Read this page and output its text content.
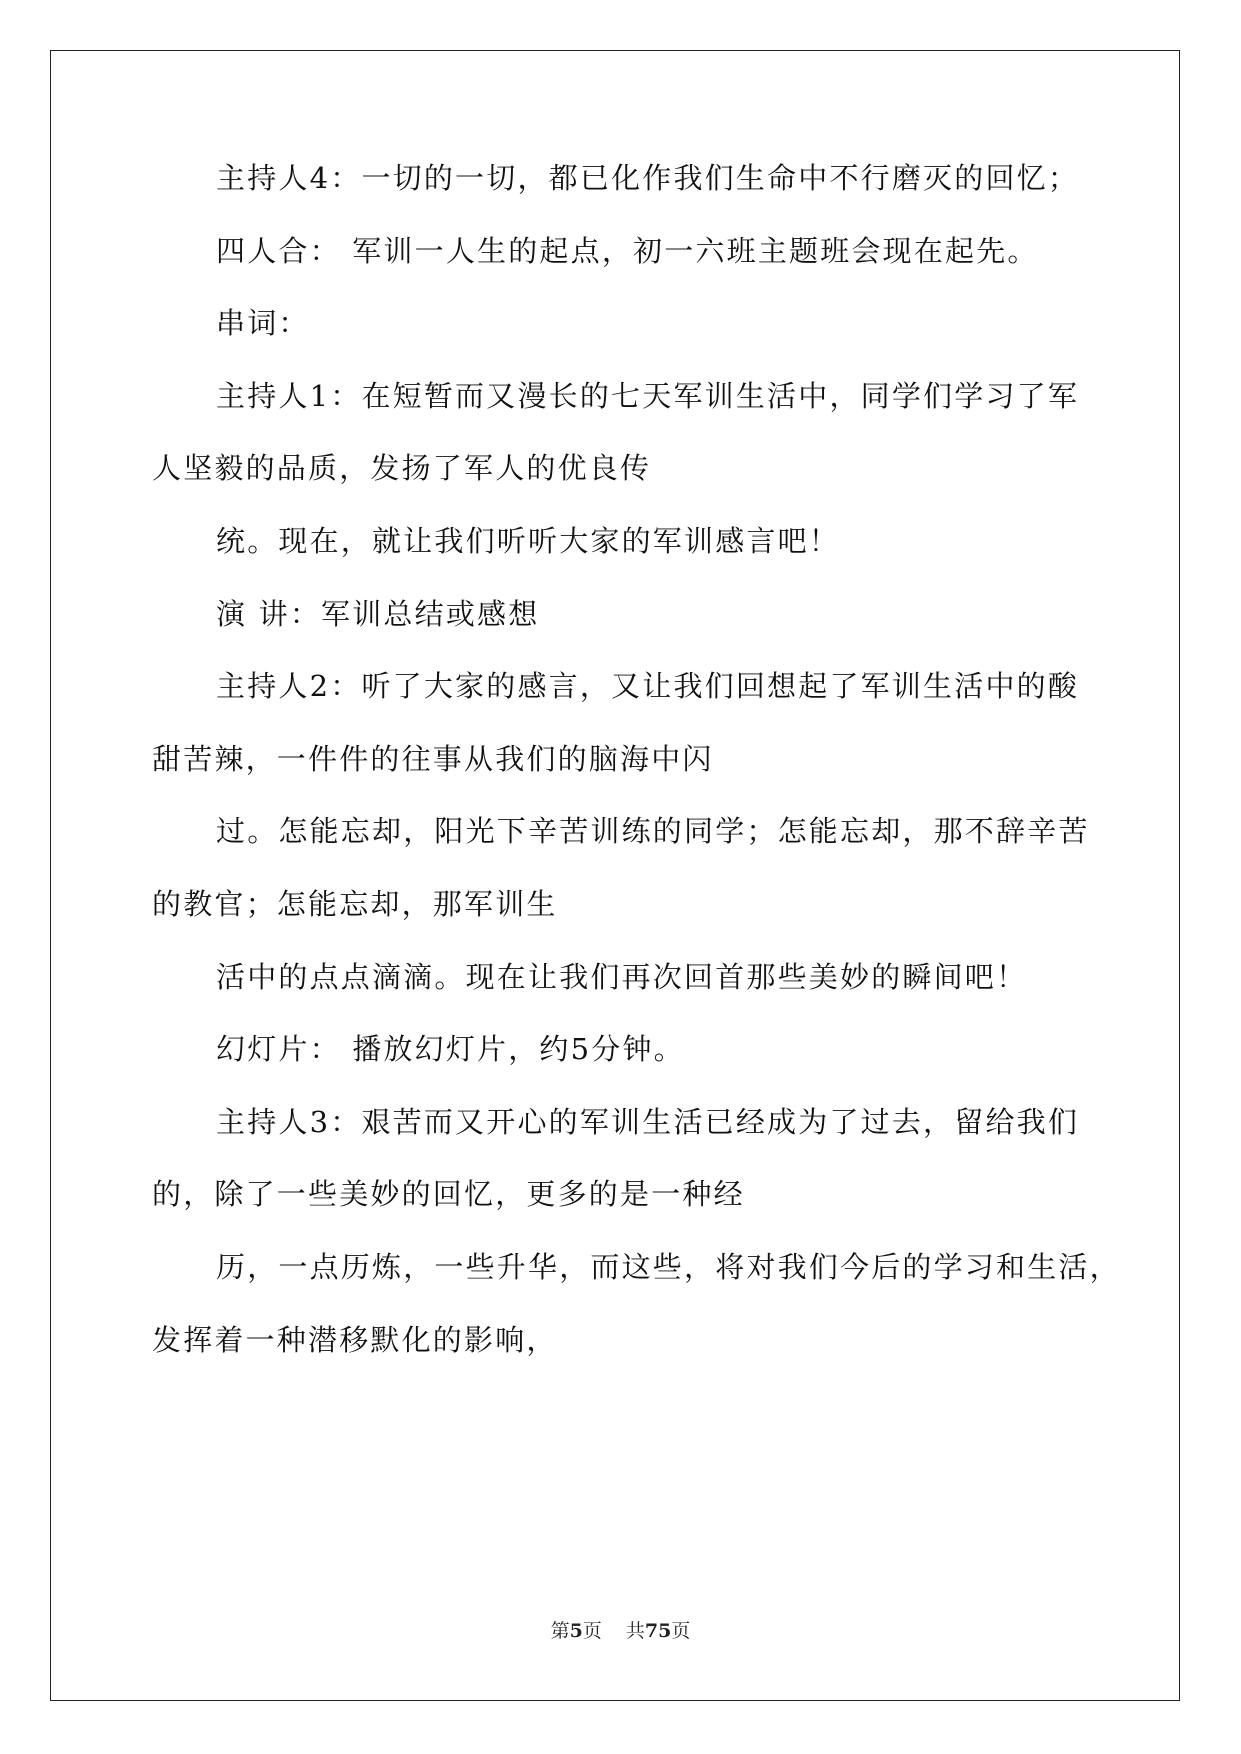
主持人4：一切的一切，都已化作我们生命中不行磨灭的回忆；
四人合： 军训一人生的起点，初一六班主题班会现在起先。
串词：
主持人1：在短暂而又漫长的七天军训生活中，同学们学习了军
人坚毅的品质，发扬了军人的优良传
统。现在，就让我们听听大家的军训感言吧！
演 讲：军训总结或感想
主持人2：听了大家的感言，又让我们回想起了军训生活中的酸
甜苦辣，一件件的往事从我们的脑海中闪
过。怎能忘却，阳光下辛苦训练的同学；怎能忘却，那不辞辛苦
的教官；怎能忘却，那军训生
活中的点点滴滴。现在让我们再次回首那些美妙的瞬间吧！
幻灯片： 播放幻灯片，约5分钟。
主持人3：艰苦而又开心的军训生活已经成为了过去，留给我们
的，除了一些美妙的回忆，更多的是一种经
历，一点历炼，一些升华，而这些，将对我们今后的学习和生活，
发挥着一种潜移默化的影响，
第5页 共75页
